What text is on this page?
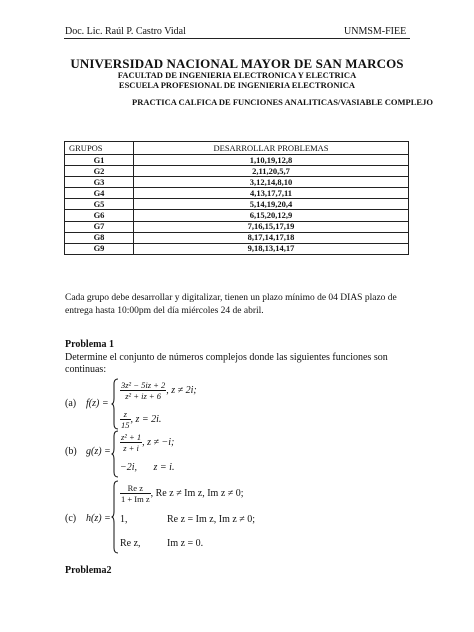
Doc. Lic. Raúl P. Castro Vidal	UNMSM-FIEE
UNIVERSIDAD NACIONAL MAYOR DE SAN MARCOS
FACULTAD DE INGENIERIA ELECTRONICA Y ELECTRICA
ESCUELA PROFESIONAL DE INGENIERIA ELECTRONICA
PRACTICA CALFICA DE FUNCIONES ANALITICAS/VASIABLE COMPLEJO
GRUPOS	DESARROLLAR PROBLEMAS
G1	1,10,19,12,8
G2	2,11,20,5,7
G3	3,12,14,8,10
G4	4,13,17,7,11
G5	5,14,19,20,4
G6	6,15,20,12,9
G7	7,16,15,17,19
G8	8,17,14,17,18
G9	9,18,13,14,17
Cada grupo debe desarrollar y digitalizar, tienen un plazo mínimo de 04 DIAS plazo de entrega hasta 10:00pm del día miércoles 24 de abril.
Problema 1
Determine el conjunto de números complejos donde las siguientes funciones son continuas:
(a) f(z) =
$\frac{\text{3z² − 5iz + 2}}{\text{z² + iz + 6}}$ , z ≠ 2i;
$\frac{z}{15}$ , z = 2i.
(b) $g(z) = \frac{\text{z² + 1}}{z + i}$ , z ≠ −i;
−2i, z = i.
(c) h(z) =
$\frac{\text{Re z}}{\text{1 + Im z}}$ , Re z ≠ Im z, Im z ≠ 0;
1,	Re z = Im z, Im z ≠ 0;
Re z,	Im z = 0.
Problema2
